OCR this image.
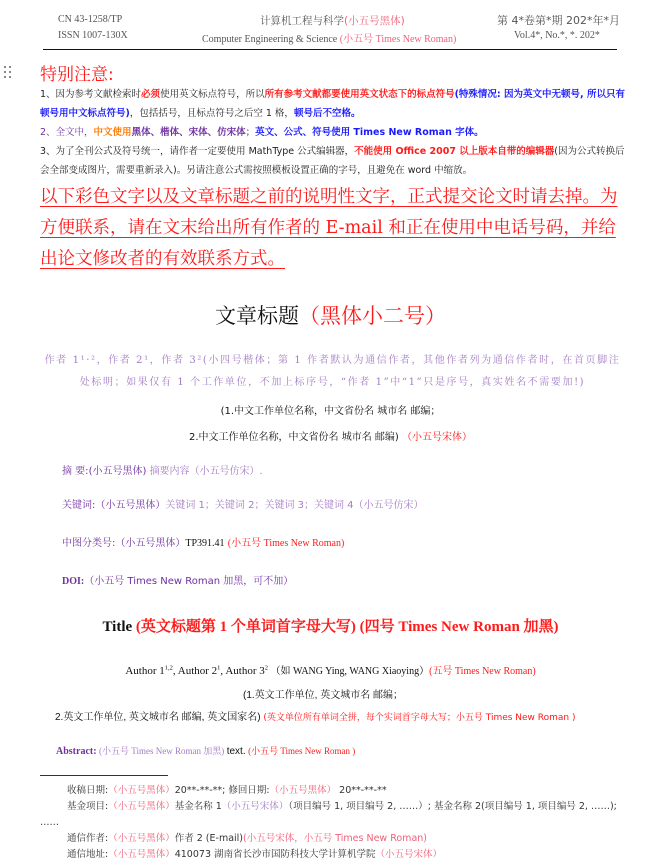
CN 43-1258/TP
ISSN 1007-130X
计算机工程与科学(小五号黑体)
Computer Engineering & Science (小五号 Times New Roman)
第 4*卷第*期 202*年*月
Vol.4*, No.*, *. 202*
特别注意:
1、因为参考文献检索时必须使用英文标点符号，所以所有参考文献都要使用英文状态下的标点符号(特殊情况: 因为英文中无顿号, 所以只有顿号用中文标点符号)，包括括号，且标点符号之后空 1 格，顿号后不空格。
2、全文中，中文使用黑体、楷体、宋体、仿宋体；英文、公式、符号使用 Times New Roman 字体。
3、为了全刊公式及符号统一，请作者一定要使用 MathType 公式编辑器，不能使用 Office 2007 以上版本自带的编辑器(因为公式转换后会全部变成图片，需要重新录入)。另请注意公式需按照模板设置正确的字号，且避免在 word 中缩放。
以下彩色文字以及文章标题之前的说明性文字，正式提交论文时请去掉。为方便联系，请在文末给出所有作者的 E-mail 和正在使用中电话号码，并给出论文修改者的有效联系方式。
文章标题（黑体小二号）
作者 1¹·²，作者 2¹，作者 3²(小四号楷体；第 1 作者默认为通信作者，其他作者列为通信作者时，在首页脚注处标明；如果仅有 1 个工作单位，不加上标序号，“作者 1”中“1”只是序号，真实姓名不需要加!)
(1.中文工作单位名称，中文省份名 城市名 邮编；
2.中文工作单位名称，中文省份名 城市名 邮编) （小五号宋体）
摘 要:(小五号黑体) 摘要内容（小五号仿宋）.
关键词:（小五号黑体）关键词 1；关键词 2；关键词 3；关键词 4（小五号仿宋）
中图分类号:（小五号黑体）TP391.41 (小五号 Times New Roman)
DOI:（小五号 Times New Roman 加黑，可不加）
Title (英文标题第 1 个单词首字母大写) (四号 Times New Roman 加黑)
Author 1$^{1,2}$, Author $2^1$, Author $3^2$ （如 WANG Ying, WANG Xiaoying）(五号 Times New Roman)
(1.英文工作单位, 英文城市名 邮编；
2.英文工作单位, 英文城市名 邮编, 英文国家名) (英文单位所有单词全拼，每个实词首字母大写；小五号 Times New Roman )
Abstract: (小五号 Times New Roman 加黑) text. (小五号 Times New Roman )
收稿日期:（小五号黑体）20**-**-**; 修回日期:（小五号黑体） 20**-**-**
基金项目:（小五号黑体）基金名称 1（小五号宋体）（项目编号 1, 项目编号 2, ……）; 基金名称 2(项目编号 1, 项目编号 2, ……); ……
通信作者:（小五号黑体）作者 2 (E-mail)(小五号宋体，小五号 Times New Roman)
通信地址:（小五号黑体）410073 湖南省长沙市国防科技大学计算机学院（小五号宋体）
